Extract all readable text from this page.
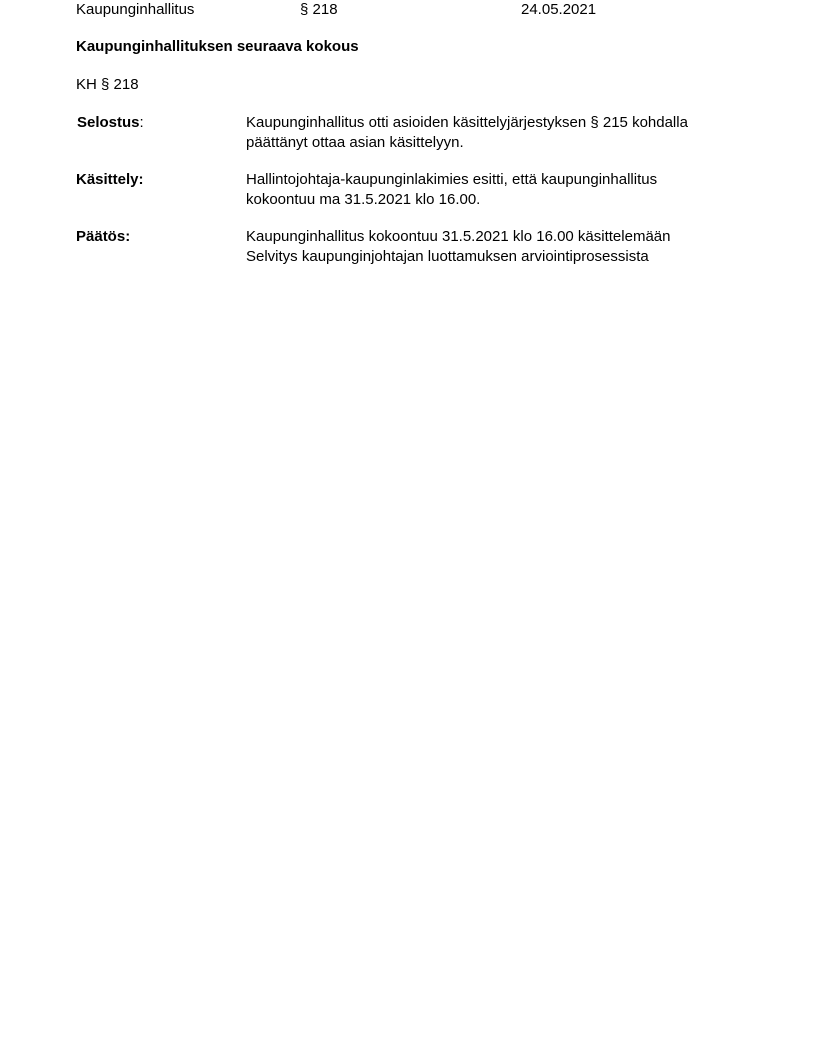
Kaupunginhallitus	§ 218	24.05.2021
Kaupunginhallituksen seuraava kokous
KH § 218
Selostus:	Kaupunginhallitus otti asioiden käsittelyjärjestyksen § 215 kohdalla
päättänyt ottaa asian käsittelyyn.
Käsittely:	Hallintojohtaja-kaupunginlakimies esitti, että kaupunginhallitus
kokoontuu ma 31.5.2021 klo 16.00.
Päätös:	Kaupunginhallitus kokoontuu 31.5.2021 klo 16.00 käsittelemään
Selvitys kaupunginjohtajan luottamuksen arviointiprosessista
